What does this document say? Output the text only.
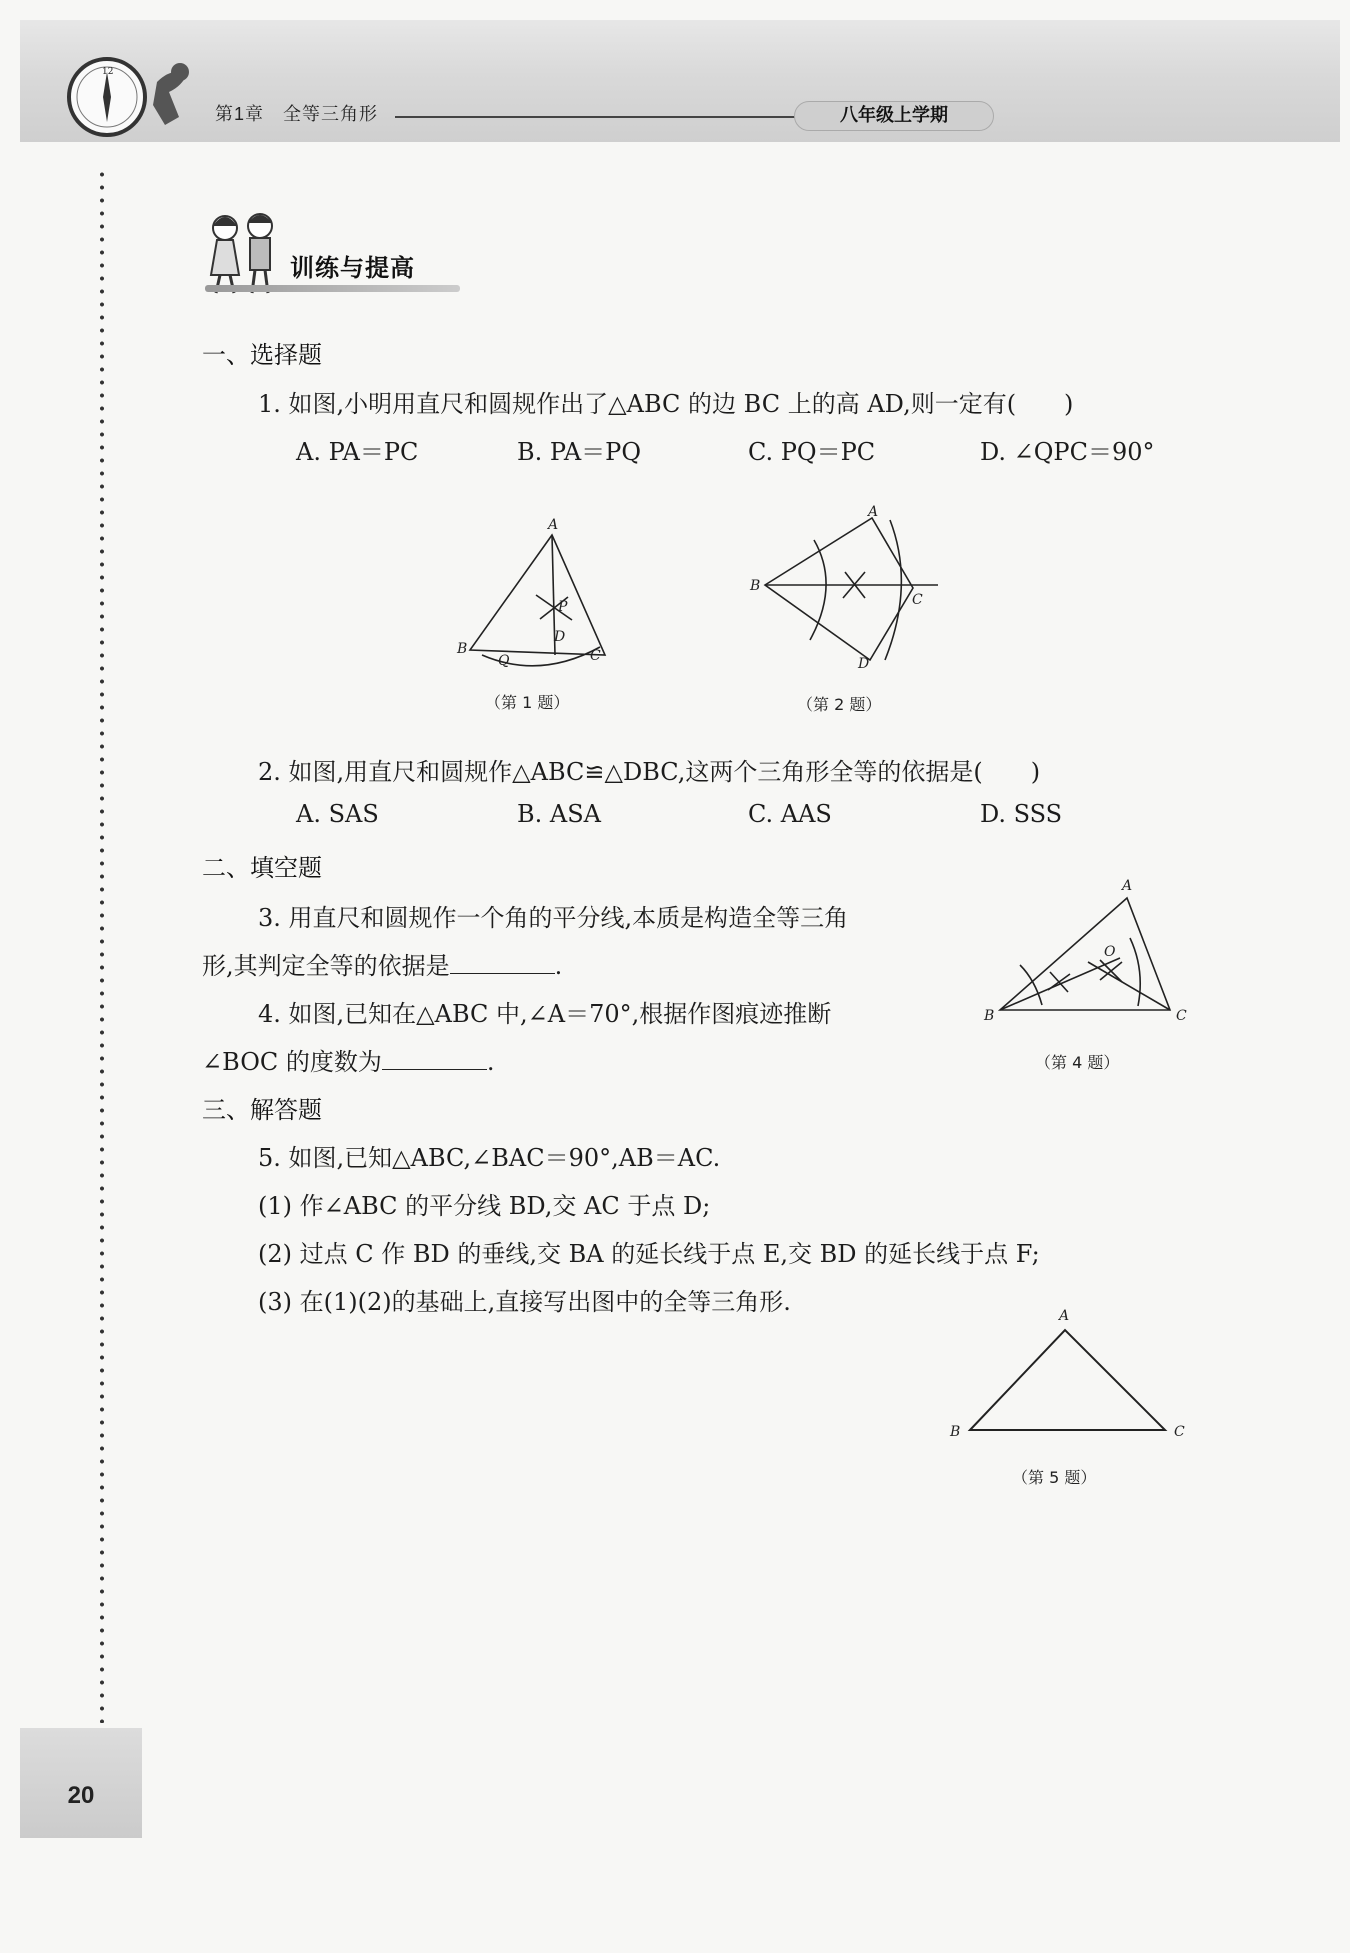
12
第1章　全等三角形	八年级上学期
训练与提高
一、选择题
1. 如图,小明用直尺和圆规作出了△ABC 的边 BC 上的高 AD,则一定有(　　)
A. PA＝PC	B. PA＝PQ	C. PQ＝PC	D. ∠QPC＝90°
A
B	C
D
P
Q
（第 1 题）
A
B
C
D
（第 2 题）
2. 如图,用直尺和圆规作△ABC≌△DBC,这两个三角形全等的依据是(　　)
A. SAS	B. ASA	C. AAS	D. SSS
二、填空题
3. 用直尺和圆规作一个角的平分线,本质是构造全等三角
形,其判定全等的依据是	.
4. 如图,已知在△ABC 中,∠A＝70°,根据作图痕迹推断
∠BOC 的度数为	.
A
B	C
O
（第 4 题）
三、解答题
5. 如图,已知△ABC,∠BAC＝90°,AB＝AC.
(1) 作∠ABC 的平分线 BD,交 AC 于点 D;
(2) 过点 C 作 BD 的垂线,交 BA 的延长线于点 E,交 BD 的延长线于点 F;
(3) 在(1)(2)的基础上,直接写出图中的全等三角形.	A
B	C
（第 5 题）
20
